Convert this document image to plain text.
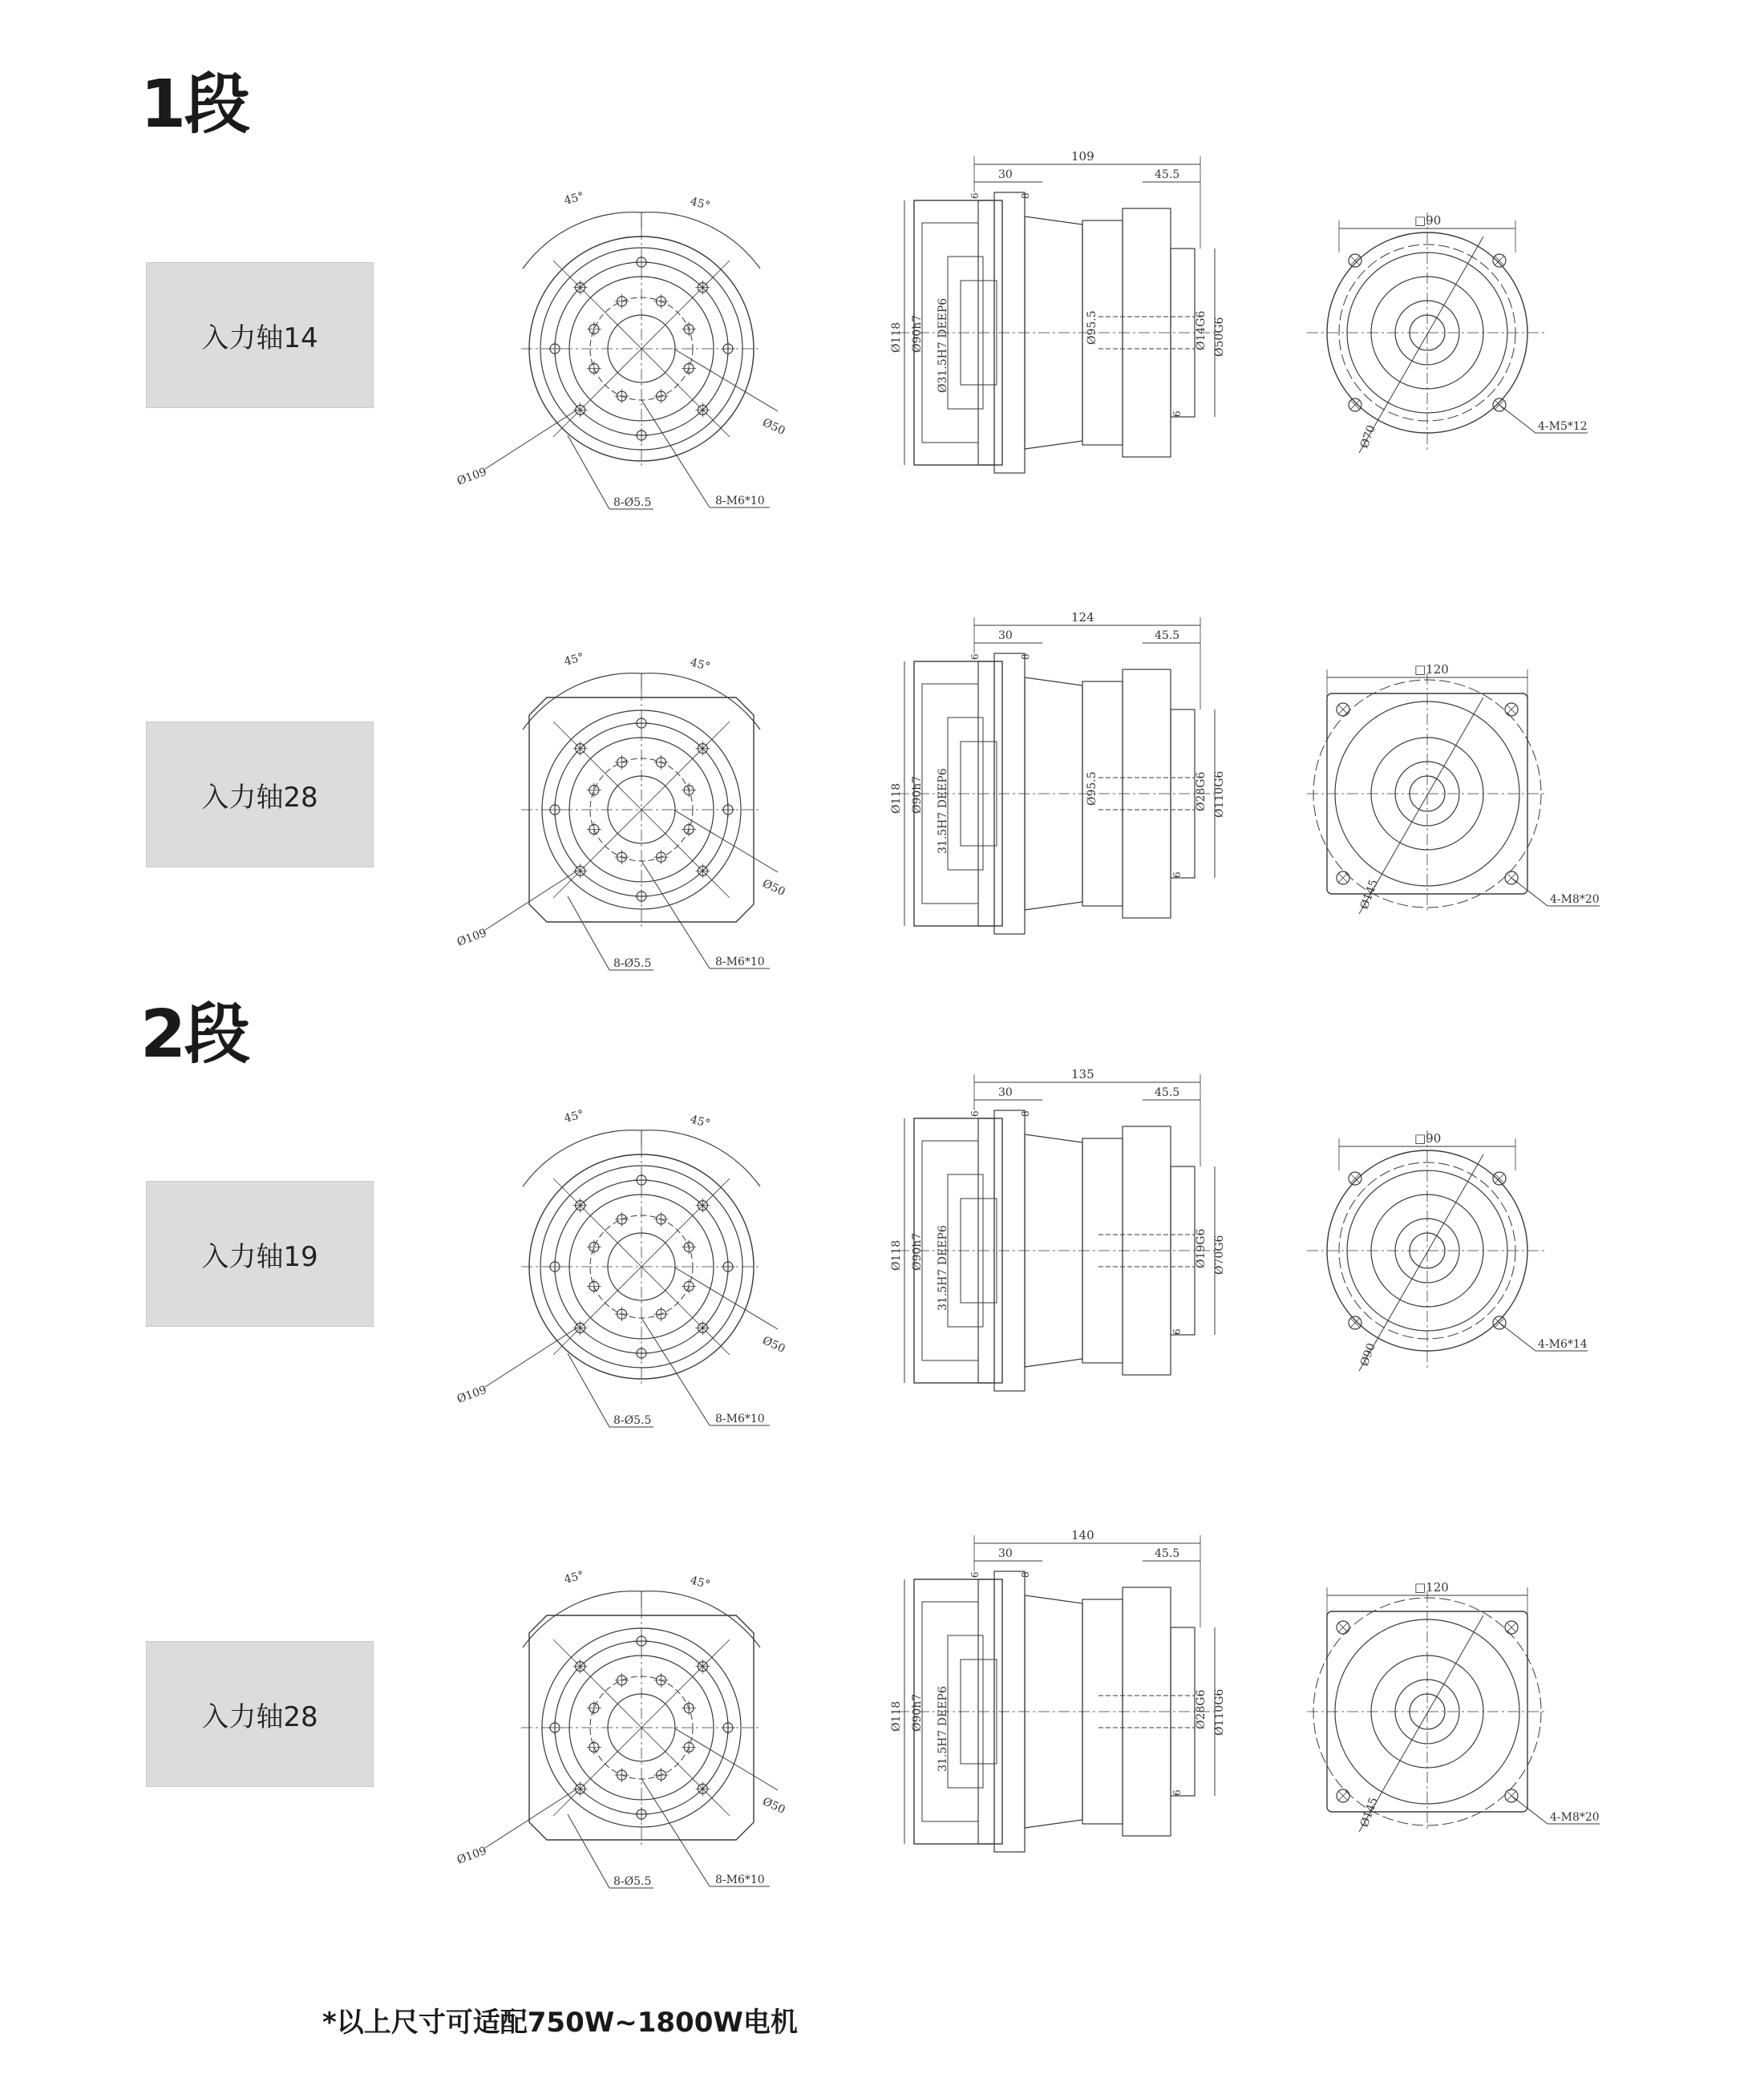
1段
2段
入力轴14
入力轴28
入力轴19
入力轴28
45°	45°
Ø109
Ø50
8-Ø5.5	8-M6*10
109
30	45.5
6	8
6
Ø118 Ø90h7 Ø31.5H7 DEEP6	Ø95.5	Ø14G6 Ø50G6
□90
Ø70	4-M5*12
45°	45°
Ø109
Ø50
8-Ø5.5	8-M6*10
124
30	45.5
6	8
6
Ø118 Ø90h7 31.5H7 DEEP6	Ø95.5	Ø28G6 Ø110G6
□120
Ø145	4-M8*20
45°	45°
Ø109
Ø50
8-Ø5.5	8-M6*10
135
30	45.5
6	8
6
Ø118 Ø90h7 31.5H7 DEEP6	Ø19G6 Ø70G6
□90
Ø90	4-M6*14
45°	45°
Ø109
Ø50
8-Ø5.5	8-M6*10
140
30	45.5
6	8
6
Ø118 Ø90h7 31.5H7 DEEP6	Ø28G6 Ø110G6
□120
Ø145	4-M8*20
*以上尺寸可适配750W~1800W电机
